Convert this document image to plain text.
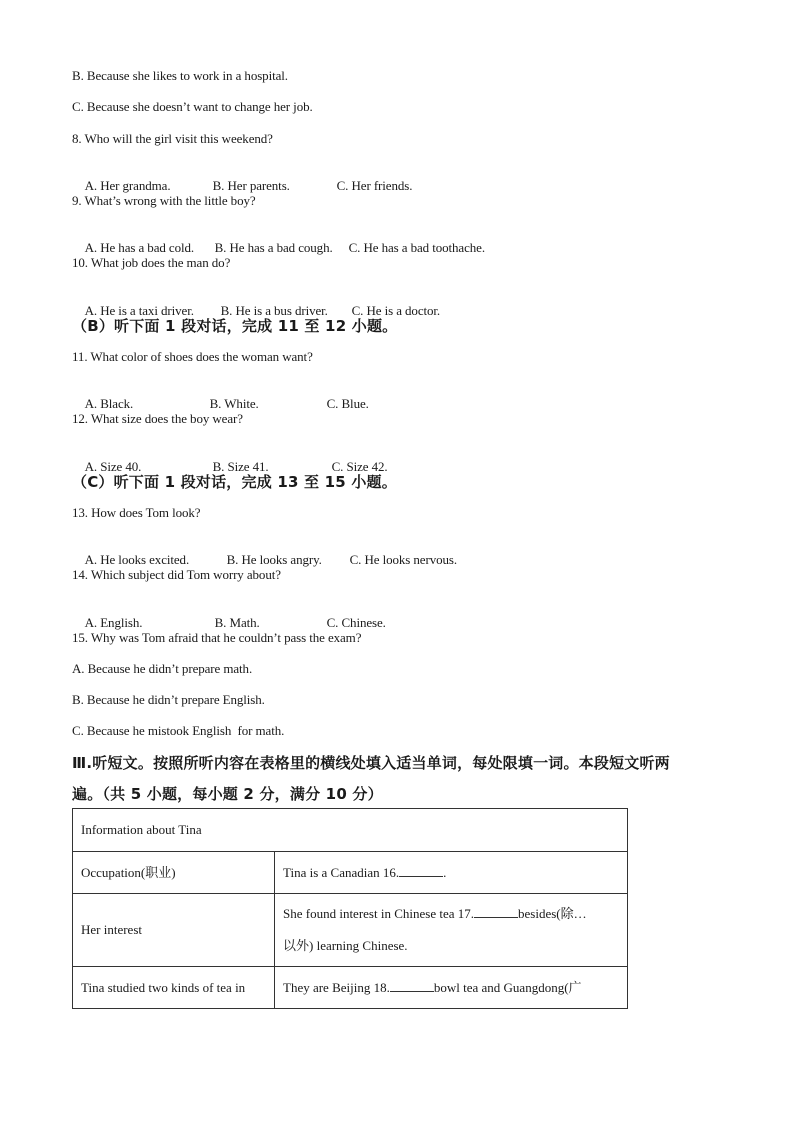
B. Because she likes to work in a hospital.
C. Because she doesn’t want to change her job.
8. Who will the girl visit this weekend?

A. Her grandma.	B. Her parents.	C. Her friends.

9. What’s wrong with the little boy?

A. He has a bad cold. B. He has a bad cough. C. He has a bad toothache.

10. What job does the man do?

A. He is a taxi driver. B. He is a bus driver. C. He is a doctor.

（B）听下面 1 段对话，完成 11 至 12 小题。
11. What color of shoes does the woman want?

A. Black.	B. White.	C. Blue.

12. What size does the boy wear?

A. Size 40.	B. Size 41.	C. Size 42.

（C）听下面 1 段对话，完成 13 至 15 小题。
13. How does Tom look?

A. He looks excited.	B. He looks angry. C. He looks nervous.

14. Which subject did Tom worry about?

A. English.	B. Math.	C. Chinese.

15. Why was Tom afraid that he couldn’t pass the exam?
A. Because he didn’t prepare math.
B. Because he didn’t prepare English.
C. Because he mistook English  for math.
Ⅲ.听短文。按照所听内容在表格里的横线处填入适当单词，每处限填一词。本段短文听两
遍。（共 5 小题，每小题 2 分，满分 10 分）
Information about Tina	
Occupation(职业)	Tina is a Canadian 16. .
Her interest	She found interest in Chinese tea 17. besides(除…
以外) learning Chinese.
Tina studied two kinds of tea in	They are Beijing 18. bowl tea and Guangdong(广
